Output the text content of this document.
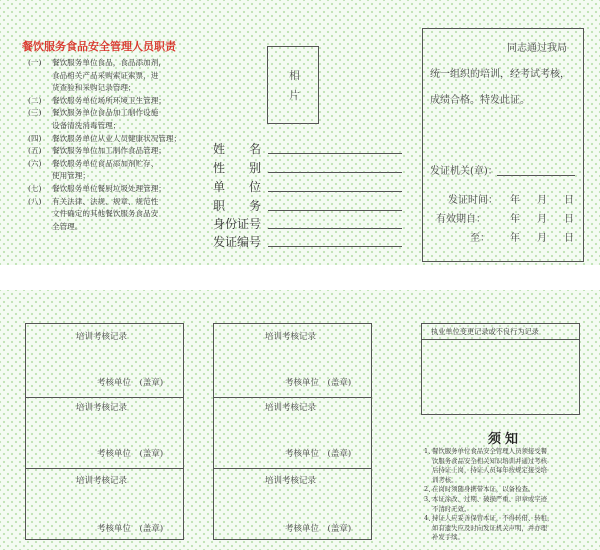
餐饮服务食品安全管理人员职责
相
片
姓　　名
性　　别
单　　位
职　　务
身份证号
发证编号
同志通过我局
统一组织的培训，经考试考核，
成绩合格。特发此证。
发证机关(章)：
发证时间： 年 月 日
有效期自： 年 月 日
至： 年 月 日
培训考核记录
考核单位　(盖章)
培训考核记录
考核单位　(盖章)
培训考核记录
考核单位　(盖章)
培训考核记录
考核单位　(盖章)
培训考核记录
考核单位　(盖章)
培训考核记录
考核单位　(盖章)
执业单位变更记录或不良行为记录
须知
(一) 餐饮服务单位食品，食品添加剂，
食品相关产品采购索证索票，进
货查验和采购记录管理；
(二) 餐饮服务单位场所环境卫生管理；
(三) 餐饮服务单位食品加工制作设施
设备清洗消毒管理；
(四) 餐饮服务单位从业人员健康状况管理；
(五) 餐饮服务单位加工制作食品管理；
(六) 餐饮服务单位食品添加剂贮存、
使用管理；
(七) 餐饮服务单位餐厨垃圾处理管理；
(八) 有关法律、法规、规章、规范性
文件确定的其他餐饮服务食品安
全管理。
1、
餐饮服务单位食品安全管理人员须接受餐
饮服务食品安全相关知识培训并通过考核
后持证上岗，持证人员每年按规定接受培
训考核。
2、
在岗时须随身携带本证，以备检查。
3、
本证涂改、过期、破损严重、印章或字迹
不清时无效。
4、
持证人应妥善保管本证，不得转借、转租，
如有遗失应及时向发证机关声明，并办理
补发手续。
